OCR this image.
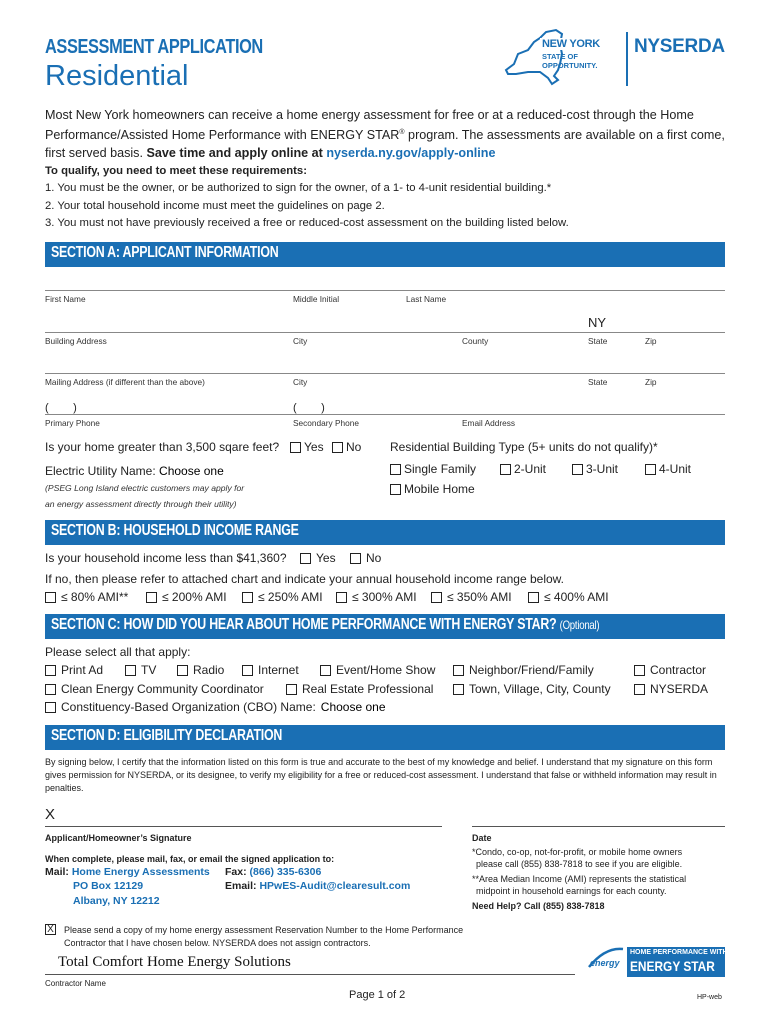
ASSESSMENT APPLICATION
Residential
NEW YORK
STATE OF
OPPORTUNITY.
NYSERDA
Most New York homeowners can receive a home energy assessment for free or at a reduced-cost through the Home Performance/Assisted Home Performance with ENERGY STAR® program. The assessments are available on a first come, first served basis. Save time and apply online at nyserda.ny.gov/apply-online
To qualify, you need to meet these requirements:
1. You must be the owner, or be authorized to sign for the owner, of a 1- to 4-unit residential building.*
2. Your total household income must meet the guidelines on page 2.
3. You must not have previously received a free or reduced-cost assessment on the building listed below.
SECTION A: APPLICANT INFORMATION
First Name	Middle Initial	Last Name
NY
Building Address	City	County	State	Zip
Mailing Address (if different than the above)	City	State	Zip
(        )	(        )
Primary Phone	Secondary Phone	Email Address
Is your home greater than 3,500 sqare feet? Yes No Residential Building Type (5+ units do not qualify)*
Electric Utility Name: Choose one	Single Family	2-Unit	3-Unit	4-Unit
(PSEG Long Island electric customers may apply for
an energy assessment directly through their utility)
Mobile Home
SECTION B: HOUSEHOLD INCOME RANGE
Is your household income less than $41,360? Yes	No
If no, then please refer to attached chart and indicate your annual household income range below.
≤ 80% AMI**	≤ 200% AMI	≤ 250% AMI ≤ 300% AMI	≤ 350% AMI	≤ 400% AMI
SECTION C: HOW DID YOU HEAR ABOUT HOME PERFORMANCE WITH ENERGY STAR? (Optional)
Please select all that apply:
Print Ad	TV	Radio	Internet	Event/Home Show	Neighbor/Friend/Family	Contractor
Clean Energy Community Coordinator	Real Estate Professional	Town, Village, City, County	NYSERDA
Constituency-Based Organization (CBO) Name: Choose one
SECTION D: ELIGIBILITY DECLARATION
By signing below, I certify that the information listed on this form is true and accurate to the best of my knowledge and belief. I understand that my signature on this form gives permission for NYSERDA, or its designee, to verify my eligibility for a free or reduced-cost assessment. I understand that false or withheld information may result in penalties.
X
Applicant/Homeowner’s Signature	Date
When complete, please mail, fax, or email the signed application to:
Mail: Home Energy Assessments
PO Box 12129
Albany, NY 12212
Fax: (866) 335-6306
Email: HPwES-Audit@clearesult.com
*Condo, co-op, not-for-profit, or mobile home owners
please call (855) 838-7818 to see if you are eligible.
**Area Median Income (AMI) represents the statistical
midpoint in household earnings for each county.
Need Help? Call (855) 838-7818
X Please send a copy of my home energy assessment Reservation Number to the Home Performance
Contractor that I have chosen below. NYSERDA does not assign contractors.
Total Comfort Home Energy Solutions
Contractor Name
energy
HOME PERFORMANCE WITH
ENERGY STAR
Page 1 of 2	HP-web
